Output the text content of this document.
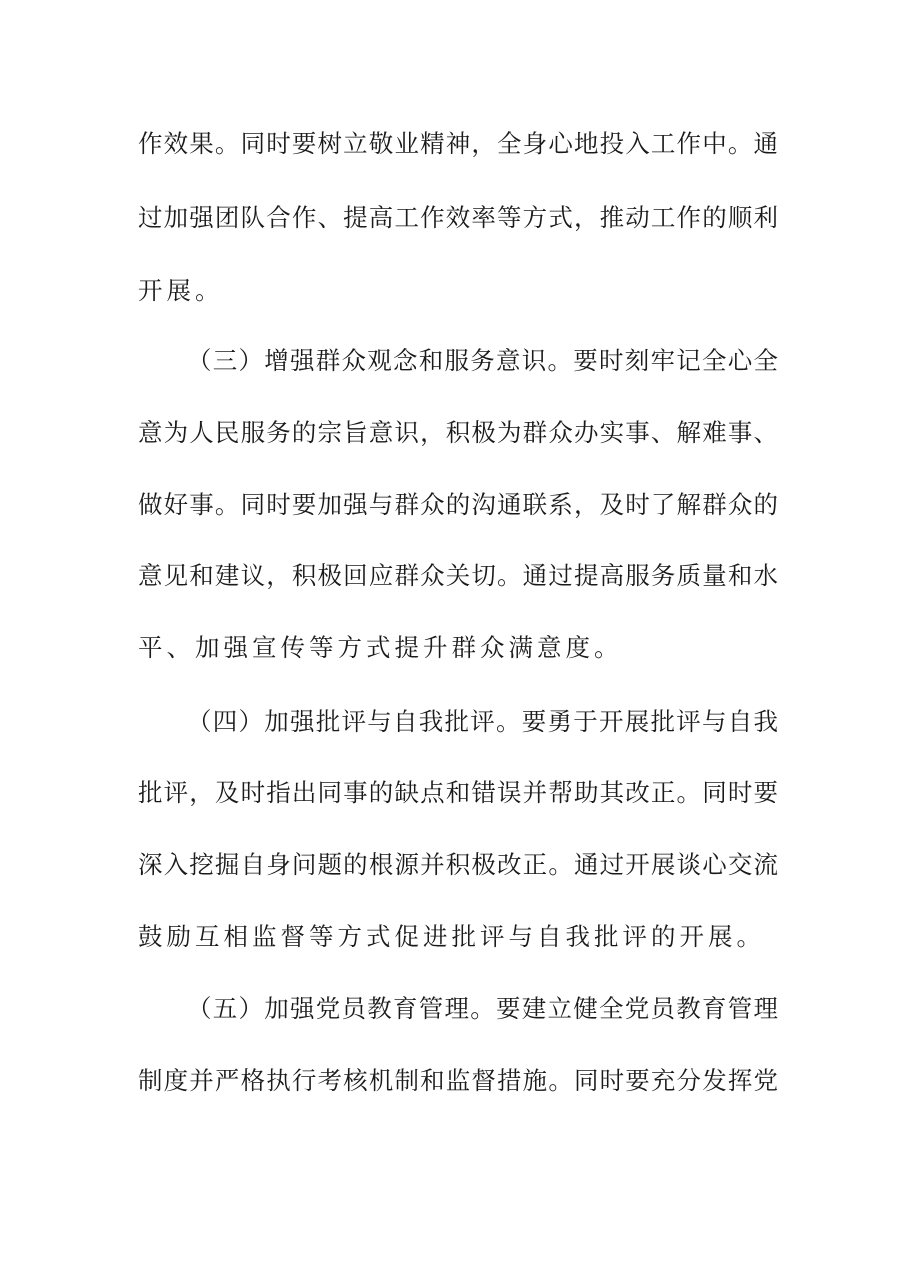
作效果。同时要树立敬业精神，全身心地投入工作中。通
过加强团队合作、提高工作效率等方式，推动工作的顺利
开展。
（三）增强群众观念和服务意识。要时刻牢记全心全
意为人民服务的宗旨意识，积极为群众办实事、解难事、
做好事。同时要加强与群众的沟通联系，及时了解群众的
意见和建议，积极回应群众关切。通过提高服务质量和水
平、加强宣传等方式提升群众满意度。
（四）加强批评与自我批评。要勇于开展批评与自我
批评，及时指出同事的缺点和错误并帮助其改正。同时要
深入挖掘自身问题的根源并积极改正。通过开展谈心交流
鼓励互相监督等方式促进批评与自我批评的开展。
（五）加强党员教育管理。要建立健全党员教育管理
制度并严格执行考核机制和监督措施。同时要充分发挥党
